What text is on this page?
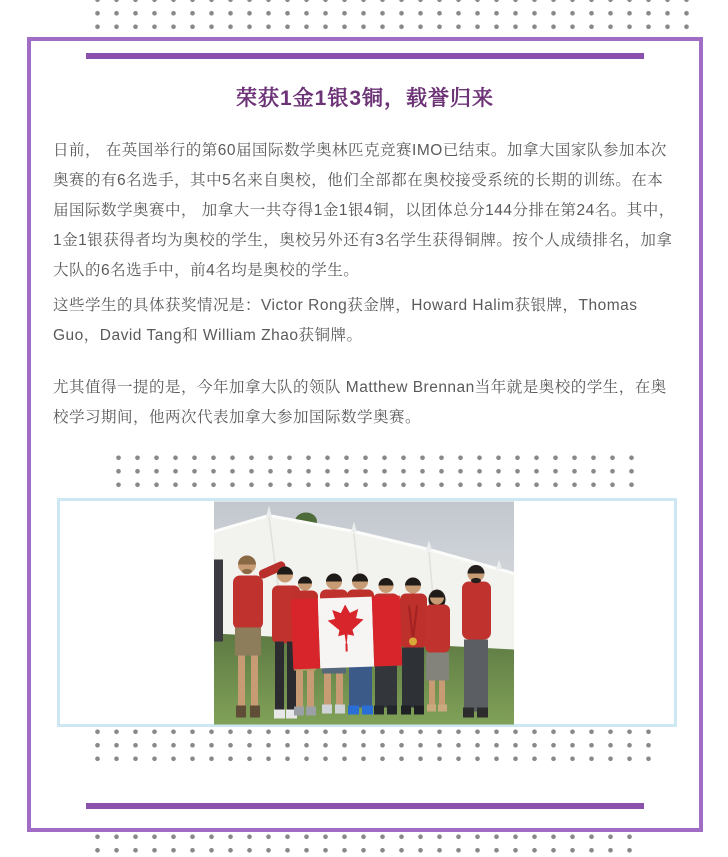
荣获1金1银3铜，载誉归来

日前， 在英国举行的第60届国际数学奥林匹克竞赛IMO已结束。加拿大国家队参加本次奥赛的有6名选手，其中5名来自奥校，他们全部都在奥校接受系统的长期的训练。在本届国际数学奥赛中， 加拿大一共夺得1金1银4铜，以团体总分144分排在第24名。其中，1金1银获得者均为奥校的学生，奥校另外还有3名学生获得铜牌。按个人成绩排名，加拿大队的6名选手中，前4名均是奥校的学生。

这些学生的具体获奖情况是：Victor Rong获金牌，Howard Halim获银牌，Thomas Guo，David Tang和 William Zhao获铜牌。

尤其值得一提的是，今年加拿大队的领队 Matthew Brennan当年就是奥校的学生，在奥校学习期间，他两次代表加拿大参加国际数学奥赛。
